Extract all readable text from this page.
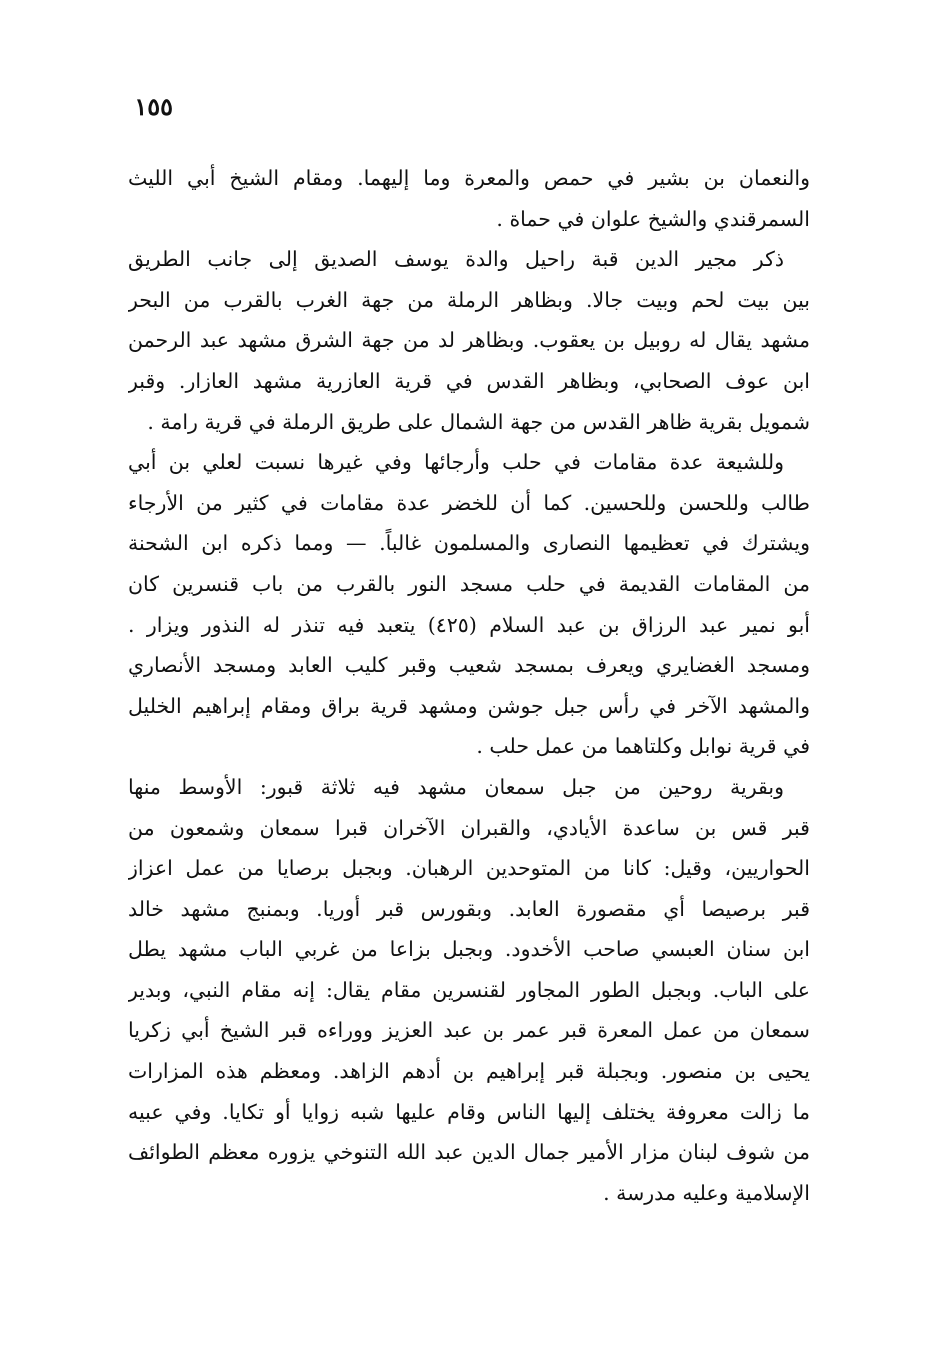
١٥٥
والنعمان بن بشير في حمص والمعرة وما إليهما. ومقام الشيخ أبي الليث
السمرقندي والشيخ علوان في حماة .
ذكر مجير الدين قبة راحيل والدة يوسف الصديق إلى جانب الطريق
بين بيت لحم وبيت جالا. وبظاهر الرملة من جهة الغرب بالقرب من البحر
مشهد يقال له روبيل بن يعقوب. وبظاهر لد من جهة الشرق مشهد عبد الرحمن
ابن عوف الصحابي، وبظاهر القدس في قرية العازرية مشهد العازار. وقبر
شمويل بقرية ظاهر القدس من جهة الشمال على طريق الرملة في قرية رامة .
وللشيعة عدة مقامات في حلب وأرجائها وفي غيرها نسبت لعلي بن أبي
طالب وللحسن وللحسين. كما أن للخضر عدة مقامات في كثير من الأرجاء
ويشترك في تعظيمها النصارى والمسلمون غالباً. — ومما ذكره ابن الشحنة
من المقامات القديمة في حلب مسجد النور بالقرب من باب قنسرين كان
أبو نمير عبد الرزاق بن عبد السلام (٤٢٥) يتعبد فيه تنذر له النذور ويزار .
ومسجد الغضايري ويعرف بمسجد شعيب وقبر كليب العابد ومسجد الأنصاري
والمشهد الآخر في رأس جبل جوشن ومشهد قرية براق ومقام إبراهيم الخليل
في قرية نوابل وكلتاهما من عمل حلب .
وبقرية روحين من جبل سمعان مشهد فيه ثلاثة قبور: الأوسط منها
قبر قس بن ساعدة الأيادي، والقبران الآخران قبرا سمعان وشمعون من
الحواريين، وقيل: كانا من المتوحدين الرهبان. وبجبل برصايا من عمل اعزاز
قبر برصيصا أي مقصورة العابد. وبقورس قبر أوريا. وبمنبج مشهد خالد
ابن سنان العبسي صاحب الأخدود. وبجبل بزاعا من غربي الباب مشهد يطل
على الباب. وبجبل الطور المجاور لقنسرين مقام يقال: إنه مقام النبي، وبدير
سمعان من عمل المعرة قبر عمر بن عبد العزيز ووراءه قبر الشيخ أبي زكريا
يحيى بن منصور. وبجبلة قبر إبراهيم بن أدهم الزاهد. ومعظم هذه المزارات
ما زالت معروفة يختلف إليها الناس وقام عليها شبه زوايا أو تكايا. وفي عبيه
من شوف لبنان مزار الأمير جمال الدين عبد الله التنوخي يزوره معظم الطوائف
الإسلامية وعليه مدرسة .
